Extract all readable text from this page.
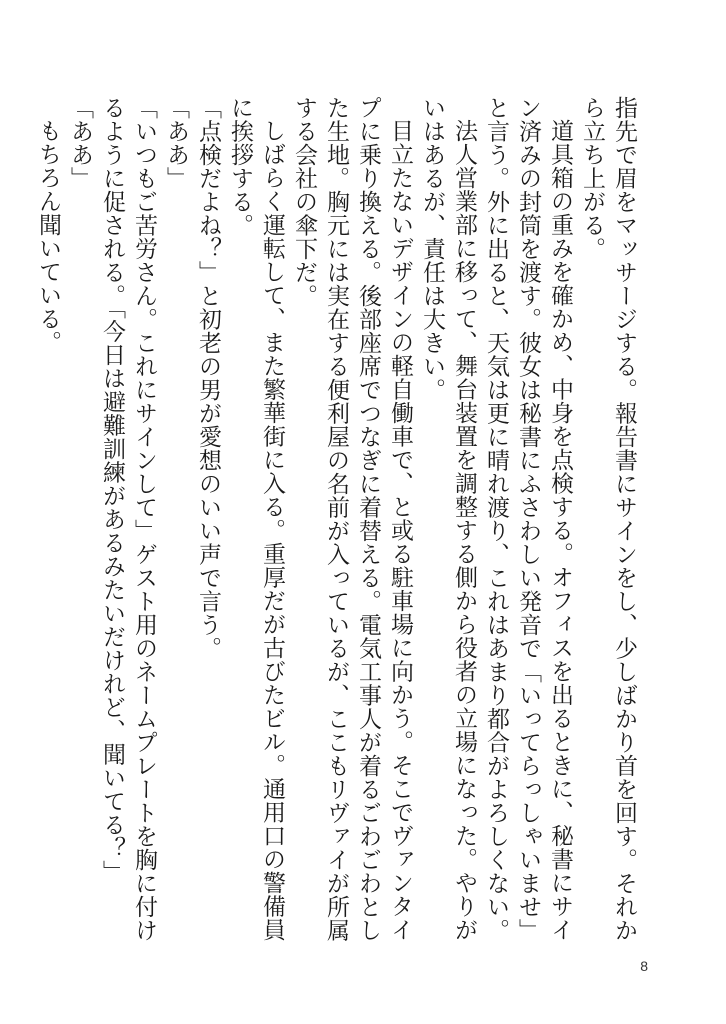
指先で眉をマッサージする。報告書にサインをし、少しばかり首を回す。それから立ち上がる。

道具箱の重みを確かめ、中身を点検する。オフィスを出るときに、秘書にサイン済みの封筒を渡す。彼女は秘書にふさわしい発音で「いってらっしゃいませ」と言う。外に出ると、天気は更に晴れ渡り、これはあまり都合がよろしくない。

法人営業部に移って、舞台装置を調整する側から役者の立場になった。やりがいはあるが、責任は大きい。

目立たないデザインの軽自働車で、と或る駐車場に向かう。そこでヴァンタイプに乗り換える。後部座席でつなぎに着替える。電気工事人が着るごわごわとした生地。胸元には実在する便利屋の名前が入っているが、ここもリヴァイが所属する会社の傘下だ。

しばらく運転して、また繁華街に入る。重厚だが古びたビル。通用口の警備員に挨拶する。

「点検だよね？」と初老の男が愛想のいい声で言う。

「ああ」

「いつもご苦労さん。これにサインして」ゲスト用のネームプレートを胸に付けるように促される。「今日は避難訓練があるみたいだけれど、聞いてる？」

「ああ」

もちろん聞いている。

8
